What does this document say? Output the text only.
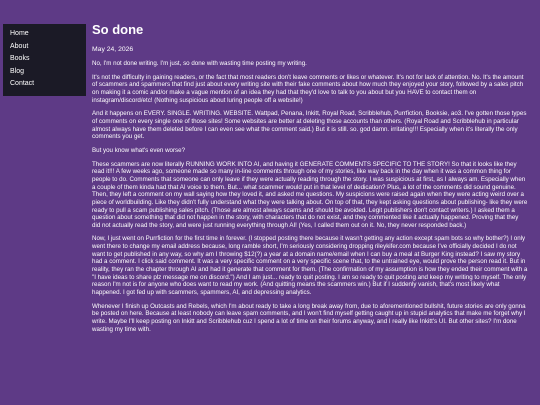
Home
About
Books
Blog
Contact
So done

May 24, 2026

No, I'm not done writing. I'm just, so done with wasting time posting my writing.

It's not the difficulty in gaining readers, or the fact that most readers don't leave comments or likes or whatever. It's not for lack of attention. No. It's the amount of scammers and spammers that find just about every writing site with their fake comments about how much they enjoyed your story, followed by a sales pitch on making it a comic and/or make a vague mention of an idea they had that they'd love to talk to you about but you HAVE to contact them on instagram/discord/etc! (Nothing suspicious about luring people off a website!)

And it happens on EVERY. SINGLE. WRITING. WEBSITE. Wattpad, Penana, Inkitt, Royal Road, Scribblehub, Purrfiction, Booksie, ao3. I've gotten those types of comments on every single one of those sites! Some websites are better at deleting those accounts than others. (Royal Road and Scribblehub in particular almost always have them deleted before I can even see what the comment said.) But it is still. so. god damn. irritating!!! Especially when it's literally the only comments you get.

But you know what's even worse?

These scammers are now literally RUNNING WORK INTO AI, and having it GENERATE COMMENTS SPECIFIC TO THE STORY! So that it looks like they read it!!! A few weeks ago, someone made so many in-line comments through one of my stories, like way back in the day when it was a common thing for people to do. Comments that someone can only leave if they were actually reading through the story. I was suspicious at first, as I always am. Especially when a couple of them kinda had that AI voice to them. But... what scammer would put in that level of dedication? Plus, a lot of the comments did sound genuine. Then, they left a comment on my wall saying how they loved it, and asked me questions. My suspicions were raised again when they were acting weird over a piece of worldbuilding. Like they didn't fully understand what they were talking about. On top of that, they kept asking questions about publishing- like they were ready to pull a scam publishing sales pitch. (Those are almost always scams and should be avoided. Legit publishers don't contact writers.) I asked them a question about something that did not happen in the story, with characters that do not exist, and they commented like it actually happened. Proving that they did not actually read the story, and were just running everything through AI! (Yes, I called them out on it. No, they never responded back.)

Now, I just went on Purrfiction for the first time in forever. (I stopped posting there because it wasn't getting any action except spam bots so why bother?) I only went there to change my email address because, long ramble short, I'm seriously considering dropping rileykifer.com because I've officially decided I do not want to get published in any way, so why am I throwing $12(?) a year at a domain name/email when I can buy a meal at Burger King instead? I saw my story had a comment. I click said comment. It was a very specific comment on a very specific scene that, to the untrained eye, would prove the person read it. But in reality, they ran the chapter through AI and had it generate that comment for them. (The confirmation of my assumption is how they ended their comment with a "I have ideas to share plz message me on discord.") And I am just... ready to quit posting. I am so ready to quit posting and keep my writing to myself. The only reason I'm not is for anyone who does want to read my work. (And quitting means the scammers win.) But if I suddenly vanish, that's most likely what happened. I got fed up with scammers, spammers, AI, and depressing analytics.

Whenever I finish up Outcasts and Rebels, which I'm about ready to take a long break away from, due to aforementioned bullshit, future stories are only gonna be posted on here. Because at least nobody can leave spam comments, and I won't find myself getting caught up in stupid analytics that make me forget why I write. Maybe I'll keep posting on Inkitt and Scribblehub cuz I spend a lot of time on their forums anyway, and I really like Inkitt's UI. But other sites? I'm done wasting my time with.
